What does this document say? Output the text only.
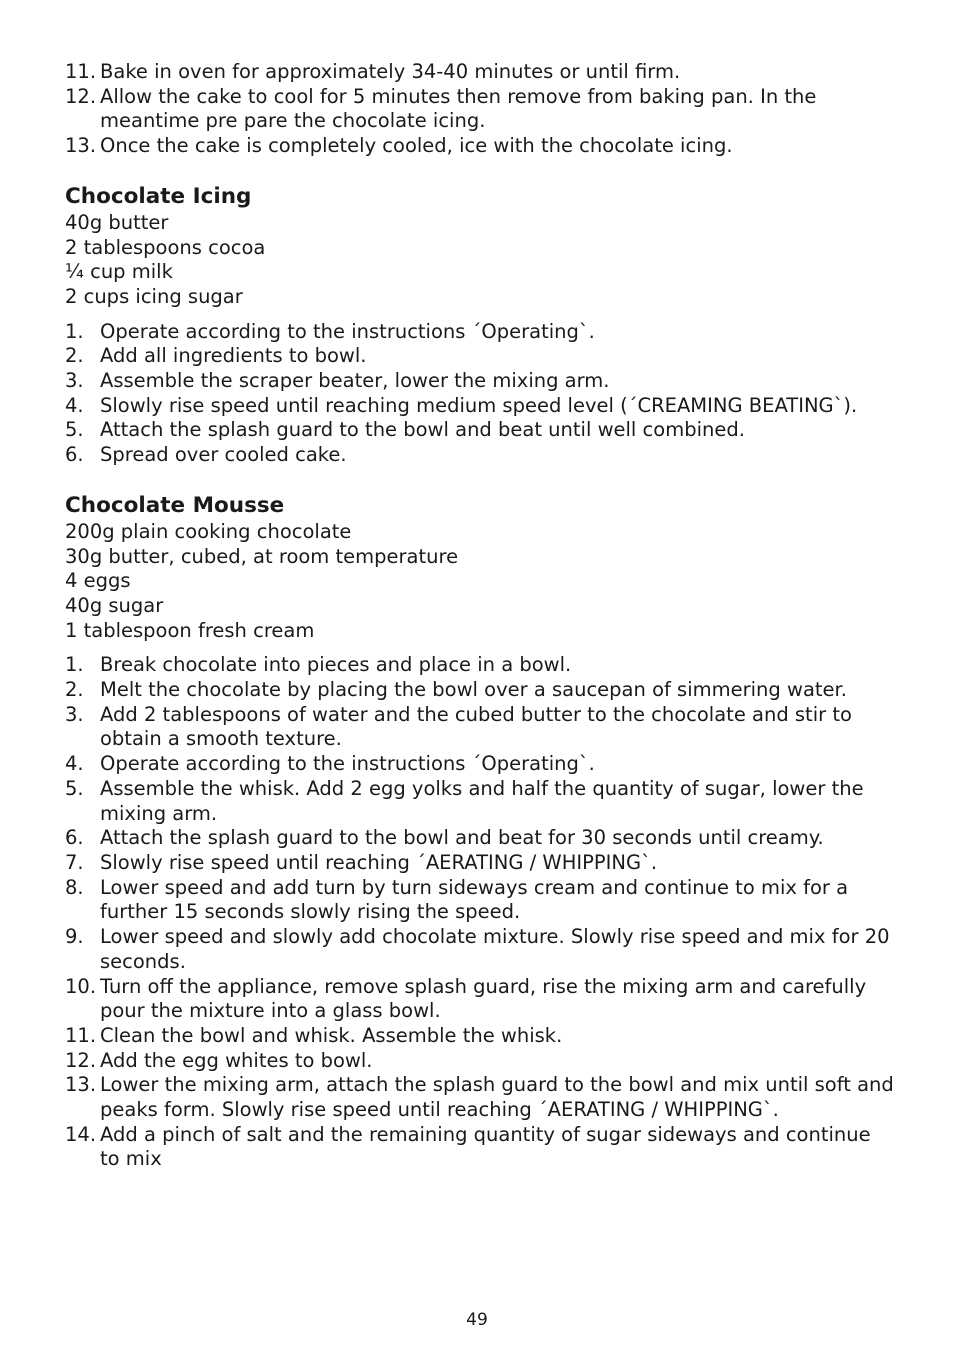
11. Bake in oven for approximately 34-40 minutes or until firm.
12. Allow the cake to cool for 5 minutes then remove from baking pan. In the meantime pre pare the chocolate icing.
13. Once the cake is completely cooled, ice with the chocolate icing.
Chocolate Icing
40g butter
2 tablespoons cocoa
¼ cup milk
2 cups icing sugar
1. Operate according to the instructions ´Operating`.
2. Add all ingredients to bowl.
3. Assemble the scraper beater, lower the mixing arm.
4. Slowly rise speed until reaching medium speed level (´CREAMING BEATING`).
5. Attach the splash guard to the bowl and beat until well combined.
6. Spread over cooled cake.
Chocolate Mousse
200g plain cooking chocolate
30g butter, cubed, at room temperature
4 eggs
40g sugar
1 tablespoon fresh cream
1. Break chocolate into pieces and place in a bowl.
2. Melt the chocolate by placing the bowl over a saucepan of simmering water.
3. Add 2 tablespoons of water and the cubed butter to the chocolate and stir to obtain a smooth texture.
4. Operate according to the instructions ´Operating`.
5. Assemble the whisk. Add 2 egg yolks and half the quantity of sugar, lower the mixing arm.
6. Attach the splash guard to the bowl and beat for 30 seconds until creamy.
7. Slowly rise speed until reaching ´AERATING / WHIPPING`.
8. Lower speed and add turn by turn sideways cream and continue to mix for a further 15 seconds slowly rising the speed.
9. Lower speed and slowly add chocolate mixture. Slowly rise speed and mix for 20 seconds.
10. Turn off the appliance, remove splash guard, rise the mixing arm and carefully pour the mixture into a glass bowl.
11. Clean the bowl and whisk. Assemble the whisk.
12. Add the egg whites to bowl.
13. Lower the mixing arm, attach the splash guard to the bowl and mix until soft and peaks form. Slowly rise speed until reaching ´AERATING / WHIPPING`.
14. Add a pinch of salt and the remaining quantity of sugar sideways and continue to mix
49
